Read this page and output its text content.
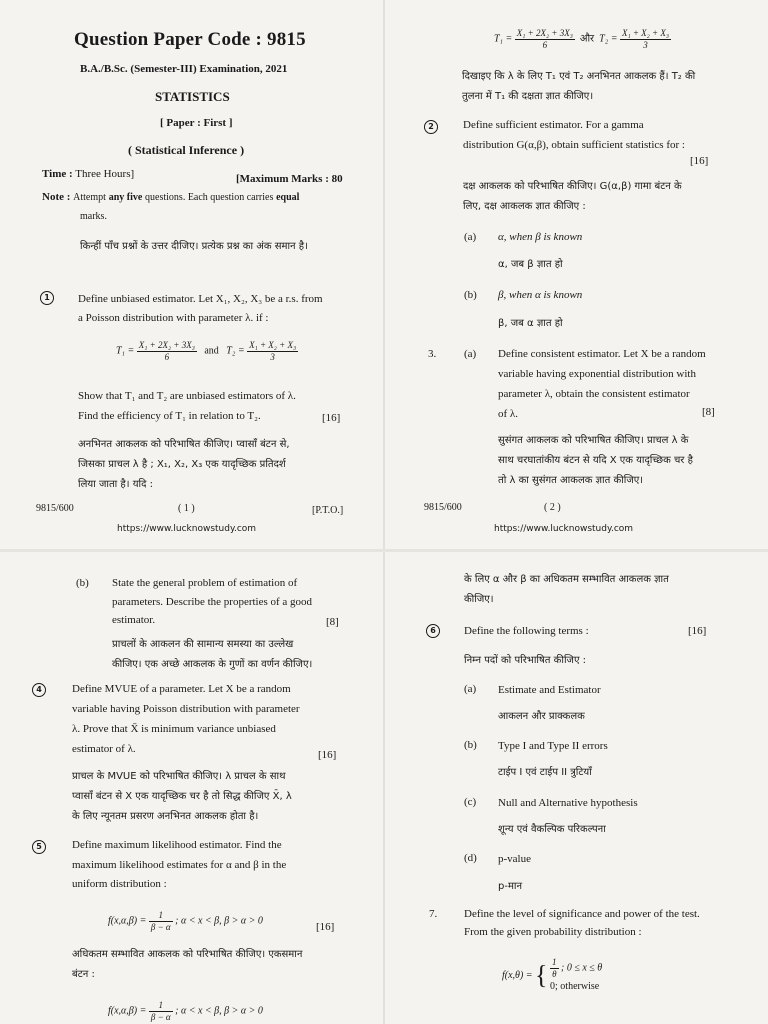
Question Paper Code : 9815
B.A./B.Sc. (Semester-III) Examination, 2021
STATISTICS
[ Paper : First ]
( Statistical Inference )
Time : Three Hours]	[Maximum Marks : 80
Note : Attempt any five questions. Each question carries equal
marks.
किन्हीं पाँच प्रश्नों के उत्तर दीजिए। प्रत्येक प्रश्न का अंक समान है।
1	Define unbiased estimator. Let X₁, X₂, X₃ be a r.s. from
a Poisson distribution with parameter λ. if :
$T_1 = \frac{\text{X₁ + 2X₂ + 3X₃}}{6}$ and $T_2 = \frac{\text{X₁ + X₂ + X₃}}{3}$
Show that T₁ and T₂ are unbiased estimators of λ.
Find the efficiency of T₁ in relation to T₂.	[16]
अनभिनत आकलक को परिभाषित कीजिए। प्वासाँ बंटन से,
जिसका प्राचल λ है ; X₁, X₂, X₃ एक यादृच्छिक प्रतिदर्श
लिया जाता है। यदि :
9815/600	( 1 )	[P.T.O.]
https://www.lucknowstudy.com
$T_1 = \frac{\text{X₁ + 2X₂ + 3X₃}}{6}$ और $T_2 = \frac{\text{X₁ + X₂ + X₃}}{3}$
दिखाइए कि λ के लिए T₁ एवं T₂ अनभिनत आकलक हैं। T₂ की
तुलना में T₁ की दक्षता ज्ञात कीजिए।
2	Define sufficient estimator. For a gamma
distribution G(α,β), obtain sufficient statistics for :
[16]
दक्ष आकलक को परिभाषित कीजिए। G(α,β) गामा बंटन के
लिए, दक्ष आकलक ज्ञात कीजिए :
(a) α, when β is known
α, जब β ज्ञात हो
(b) β, when α is known
β, जब α ज्ञात हो
3.	(a) Define consistent estimator. Let X be a random
variable having exponential distribution with
parameter λ, obtain the consistent estimator
of λ.	[8]
सुसंगत आकलक को परिभाषित कीजिए। प्राचल λ के
साथ चरघातांकीय बंटन से यदि X एक यादृच्छिक चर है
तो λ का सुसंगत आकलक ज्ञात कीजिए।
9815/600	( 2 )
https://www.lucknowstudy.com
(b) State the general problem of estimation of
parameters. Describe the properties of a good
estimator.	[8]
प्राचलों के आकलन की सामान्य समस्या का उल्लेख
कीजिए। एक अच्छे आकलक के गुणों का वर्णन कीजिए।
4	Define MVUE of a parameter. Let X be a random
variable having Poisson distribution with parameter
λ. Prove that X̄ is minimum variance unbiased
estimator of λ.	[16]
प्राचल के MVUE को परिभाषित कीजिए। λ प्राचल के साथ
प्वासाँ बंटन से X एक यादृच्छिक चर है तो सिद्ध कीजिए X̄, λ
के लिए न्यूनतम प्रसरण अनभिनत आकलक होता है।
5	Define maximum likelihood estimator. Find the
maximum likelihood estimates for α and β in the
uniform distribution :
$f(x,\alpha,\beta) = \frac{1}{\beta - \alpha}$ ; α < x < β, β > α > 0	[16]
अधिकतम सम्भावित आकलक को परिभाषित कीजिए। एकसमान
बंटन :
$f(x,\alpha,\beta) = \frac{1}{\beta - \alpha}$ ; α < x < β, β > α > 0
के लिए α और β का अधिकतम सम्भावित आकलक ज्ञात
कीजिए।
6	Define the following terms :	[16]
निम्न पदों को परिभाषित कीजिए :
(a) Estimate and Estimator
आकलन और प्राक्कलक
(b) Type I and Type II errors
टाईप I एवं टाईप II त्रुटियाँ
(c) Null and Alternative hypothesis
शून्य एवं वैकल्पिक परिकल्पना
(d) p-value
p-मान
7. Define the level of significance and power of the test.
From the given probability distribution :
f(x,θ) = { $\frac{1}{\theta}$ ; 0 ≤ x ≤ θ
0; otherwise
